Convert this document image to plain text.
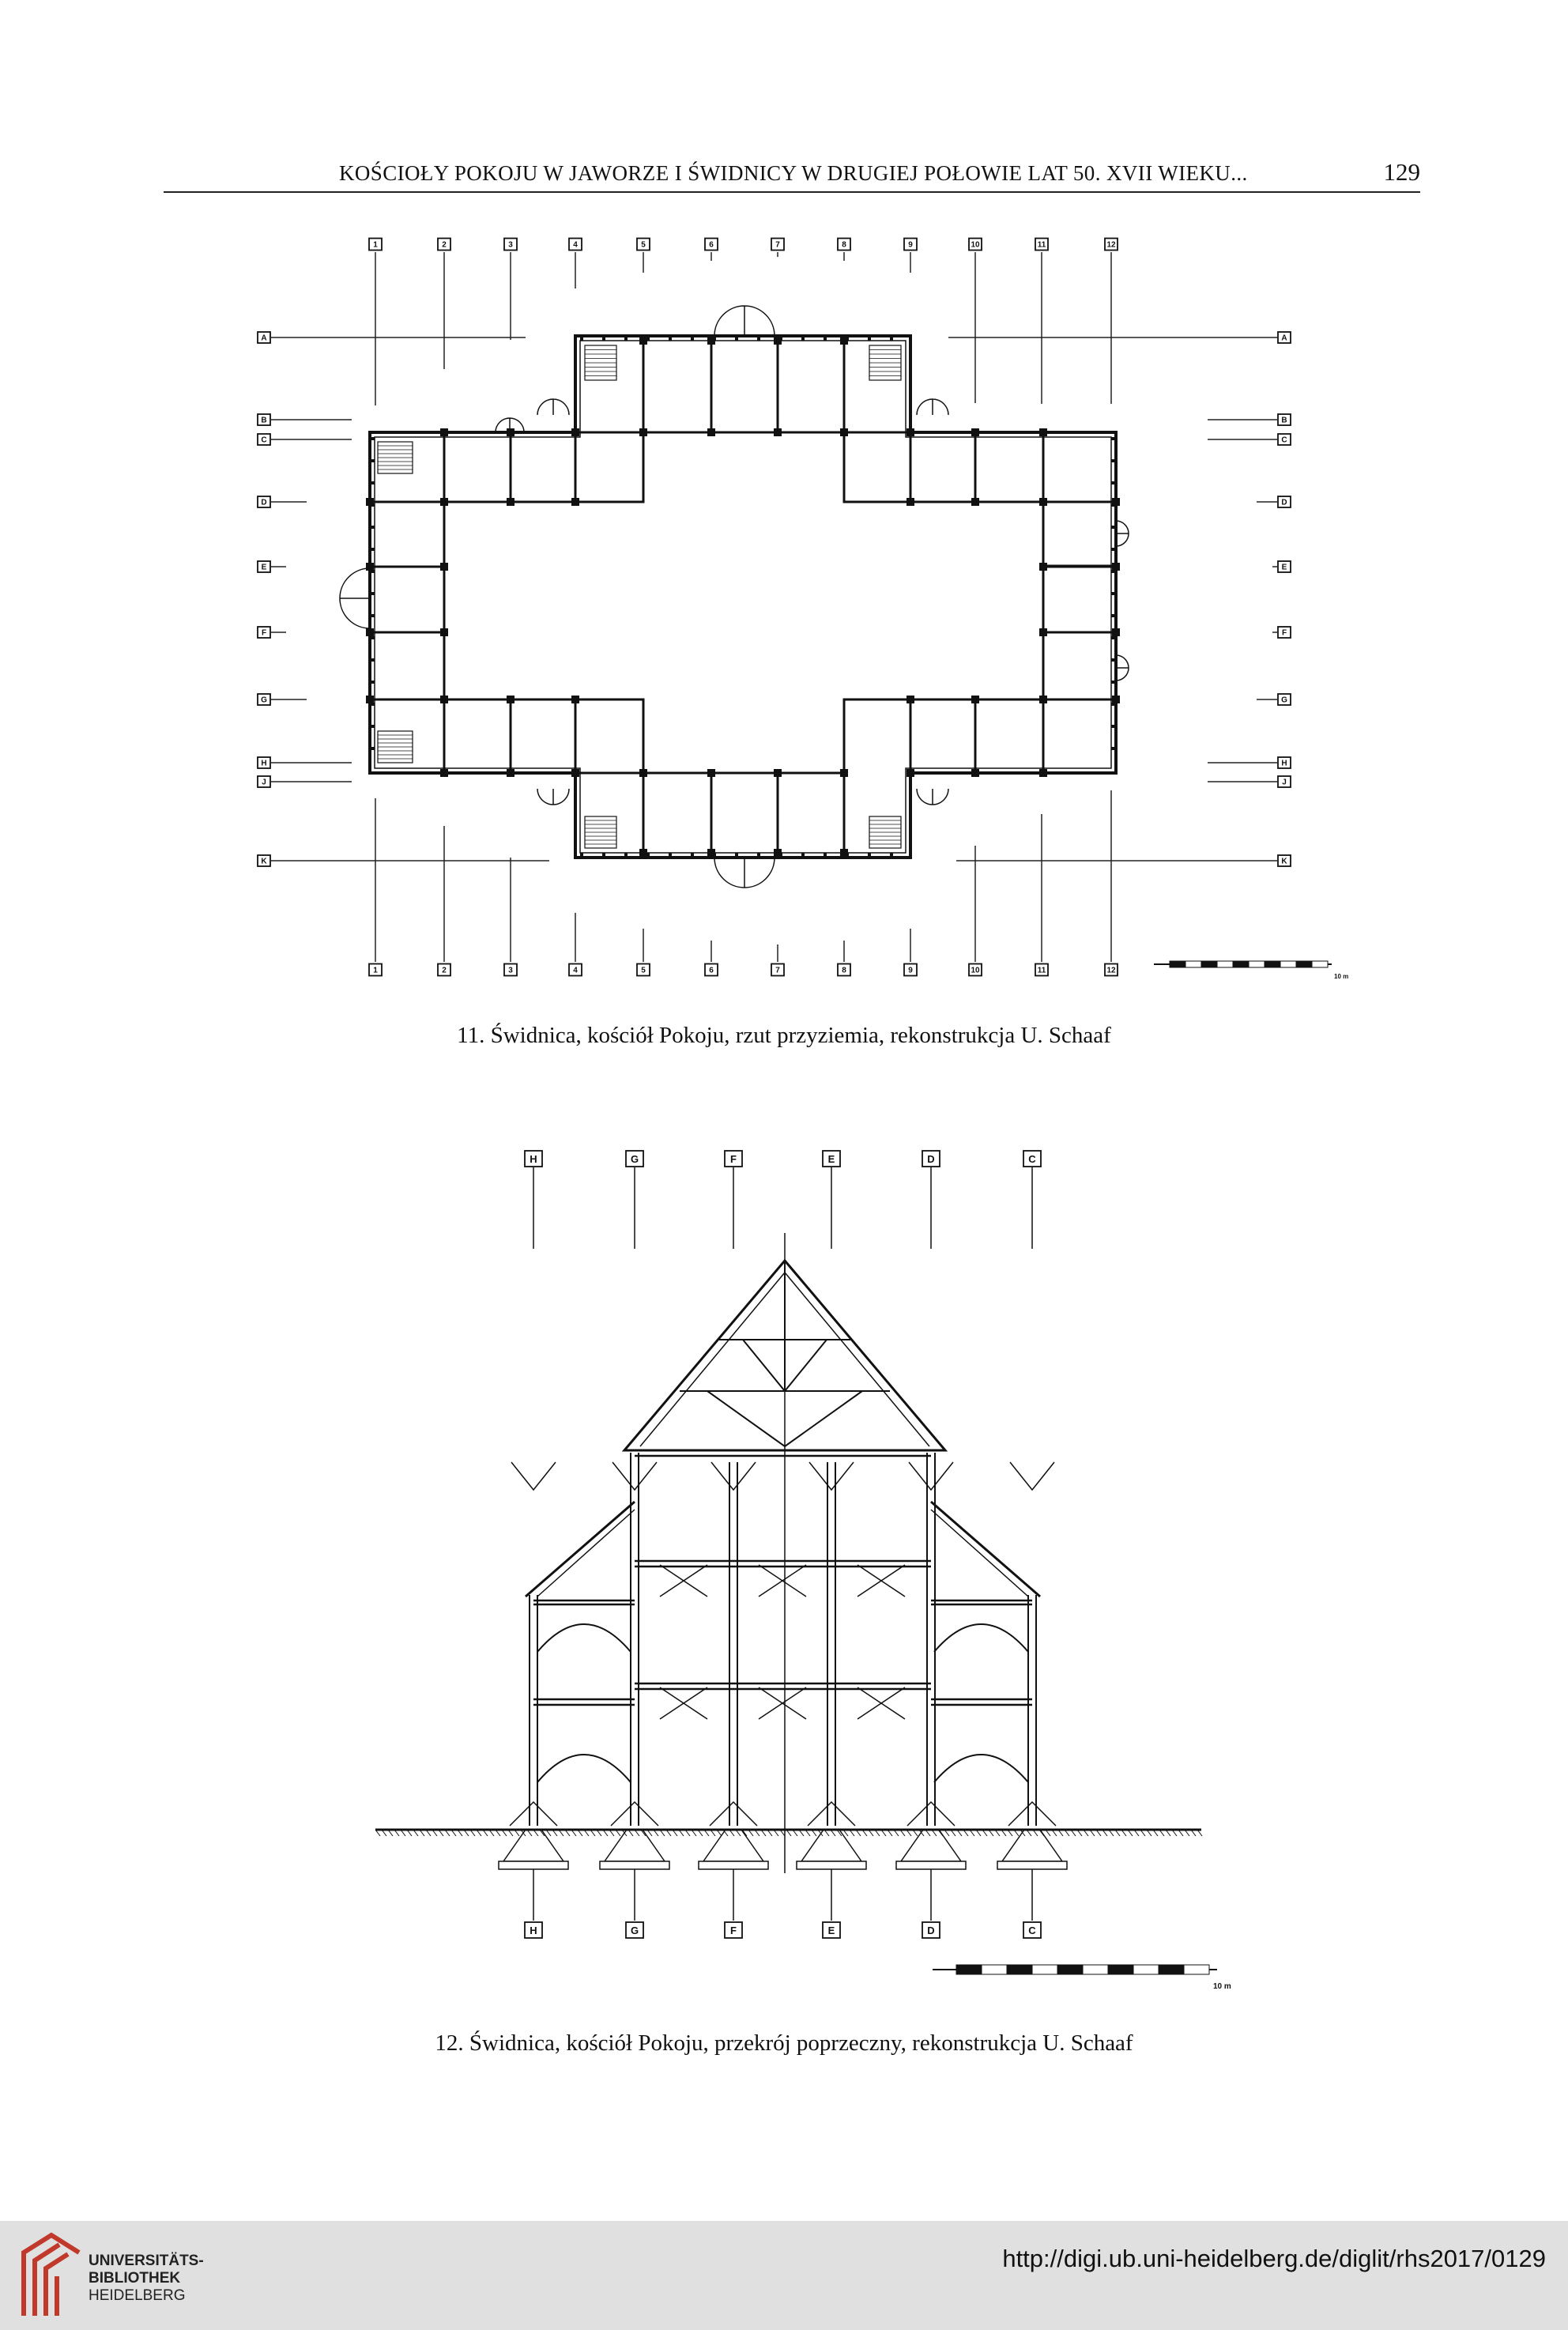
KOŚCIOŁY POKOJU W JAWORZE I ŚWIDNICY W DRUGIEJ POŁOWIE LAT 50. XVII WIEKU...	129
1
1
2
2
3
3
4
4
5
5
6
6
7
7
8
8
9
9
10
10
11
11
12
12
A	A
B	B
C	C
D	D
E	E
F	F
G	G
H	H
J	J
K	K
10 m
11. Świdnica, kościół Pokoju, rzut przyziemia, rekonstrukcja U. Schaaf
H
H
G
G
F
F
E
E
D
D
C
C
10 m
12. Świdnica, kościół Pokoju, przekrój poprzeczny, rekonstrukcja U. Schaaf
UNIVERSITÄTS-
BIBLIOTHEK
HEIDELBERG
http://digi.ub.uni-heidelberg.de/diglit/rhs2017/0129
